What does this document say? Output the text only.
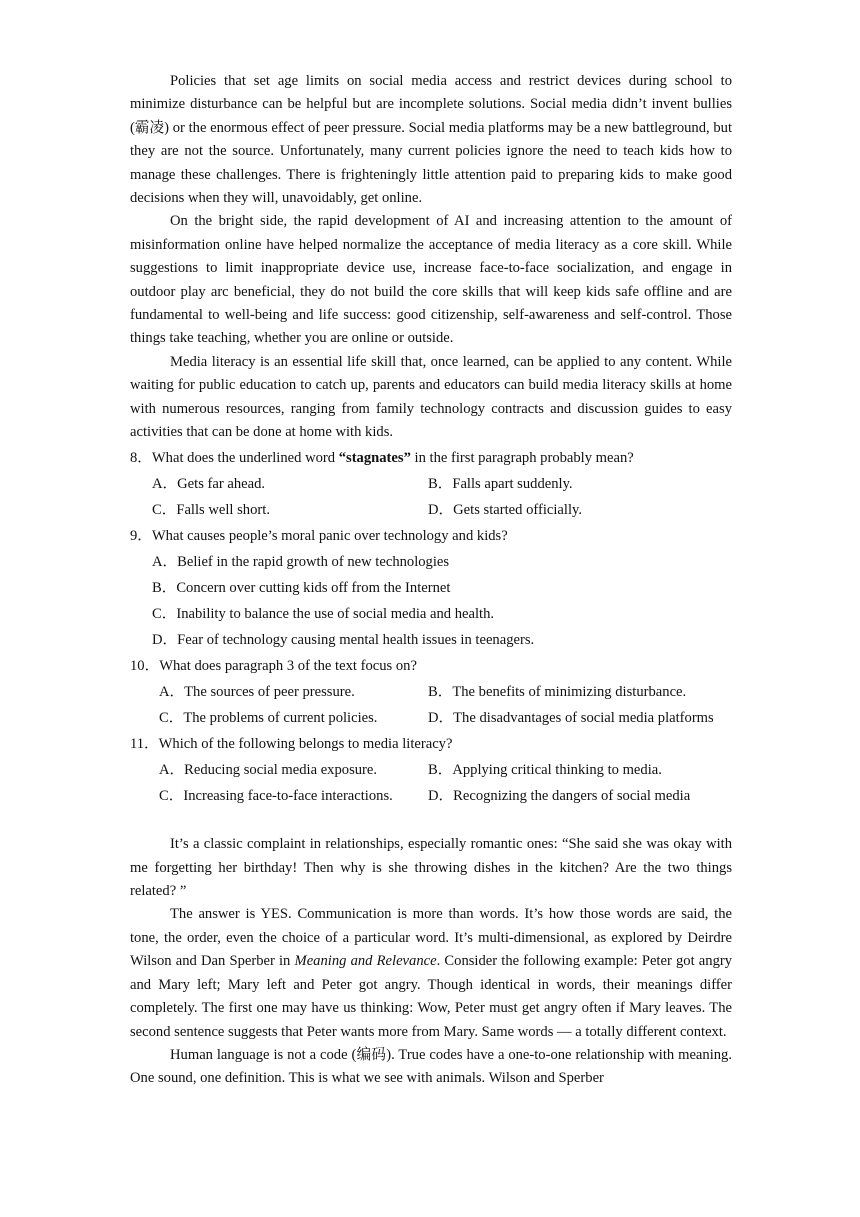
Policies that set age limits on social media access and restrict devices during school to minimize disturbance can be helpful but are incomplete solutions. Social media didn’t invent bullies (霸凌) or the enormous effect of peer pressure. Social media platforms may be a new battleground, but they are not the source. Unfortunately, many current policies ignore the need to teach kids how to manage these challenges. There is frighteningly little attention paid to preparing kids to make good decisions when they will, unavoidably, get online.

On the bright side, the rapid development of AI and increasing attention to the amount of misinformation online have helped normalize the acceptance of media literacy as a core skill. While suggestions to limit inappropriate device use, increase face-to-face socialization, and engage in outdoor play arc beneficial, they do not build the core skills that will keep kids safe offline and are fundamental to well-being and life success: good citizenship, self-awareness and self-control. Those things take teaching, whether you are online or outside.

Media literacy is an essential life skill that, once learned, can be applied to any content. While waiting for public education to catch up, parents and educators can build media literacy skills at home with numerous resources, ranging from family technology contracts and discussion guides to easy activities that can be done at home with kids.

8．What does the underlined word “stagnates” in the first paragraph probably mean?
A．Gets far ahead.	B．Falls apart suddenly.
C．Falls well short.	D．Gets started officially.
9．What causes people’s moral panic over technology and kids?
A．Belief in the rapid growth of new technologies
B．Concern over cutting kids off from the Internet
C．Inability to balance the use of social media and health.
D．Fear of technology causing mental health issues in teenagers.
10．What does paragraph 3 of the text focus on?
A．The sources of peer pressure.	B．The benefits of minimizing disturbance.
C．The problems of current policies.	D．The disadvantages of social media platforms
11．Which of the following belongs to media literacy?
A．Reducing social media exposure.	B．Applying critical thinking to media.
C．Increasing face-to-face interactions. D．Recognizing the dangers of social media

It’s a classic complaint in relationships, especially romantic ones: “She said she was okay with me forgetting her birthday! Then why is she throwing dishes in the kitchen? Are the two things related? ”

The answer is YES. Communication is more than words. It’s how those words are said, the tone, the order, even the choice of a particular word. It’s multi-dimensional, as explored by Deirdre Wilson and Dan Sperber in Meaning and Relevance. Consider the following example: Peter got angry and Mary left; Mary left and Peter got angry. Though identical in words, their meanings differ completely. The first one may have us thinking: Wow, Peter must get angry often if Mary leaves. The second sentence suggests that Peter wants more from Mary. Same words — a totally different context.

Human language is not a code (编码). True codes have a one-to-one relationship with meaning. One sound, one definition. This is what we see with animals. Wilson and Sperber
